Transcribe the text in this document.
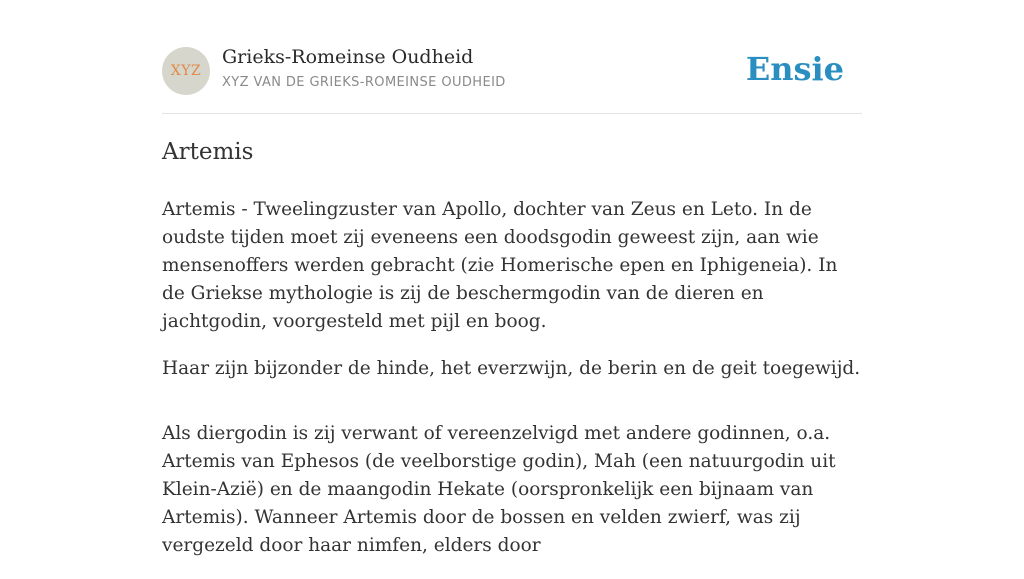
XYZ
Grieks-Romeinse Oudheid
XYZ VAN DE GRIEKS-ROMEINSE OUDHEID	Ensie
Artemis

Artemis - Tweelingzuster van Apollo, dochter van Zeus en Leto. In de oudste tijden moet zij eveneens een doodsgodin geweest zijn, aan wie mensenoffers werden gebracht (zie Homerische epen en Iphigeneia). In de Griekse mythologie is zij de beschermgodin van de dieren en jachtgodin, voorgesteld met pijl en boog.

Haar zijn bijzonder de hinde, het everzwijn, de berin en de geit toegewijd.

Als diergodin is zij verwant of vereenzelvigd met andere godinnen, o.a. Artemis van Ephesos (de veelborstige godin), Mah (een natuurgodin uit Klein-Azië) en de maangodin Hekate (oorspronkelijk een bijnaam van Artemis). Wanneer Artemis door de bossen en velden zwierf, was zij vergezeld door haar nimfen, elders door
